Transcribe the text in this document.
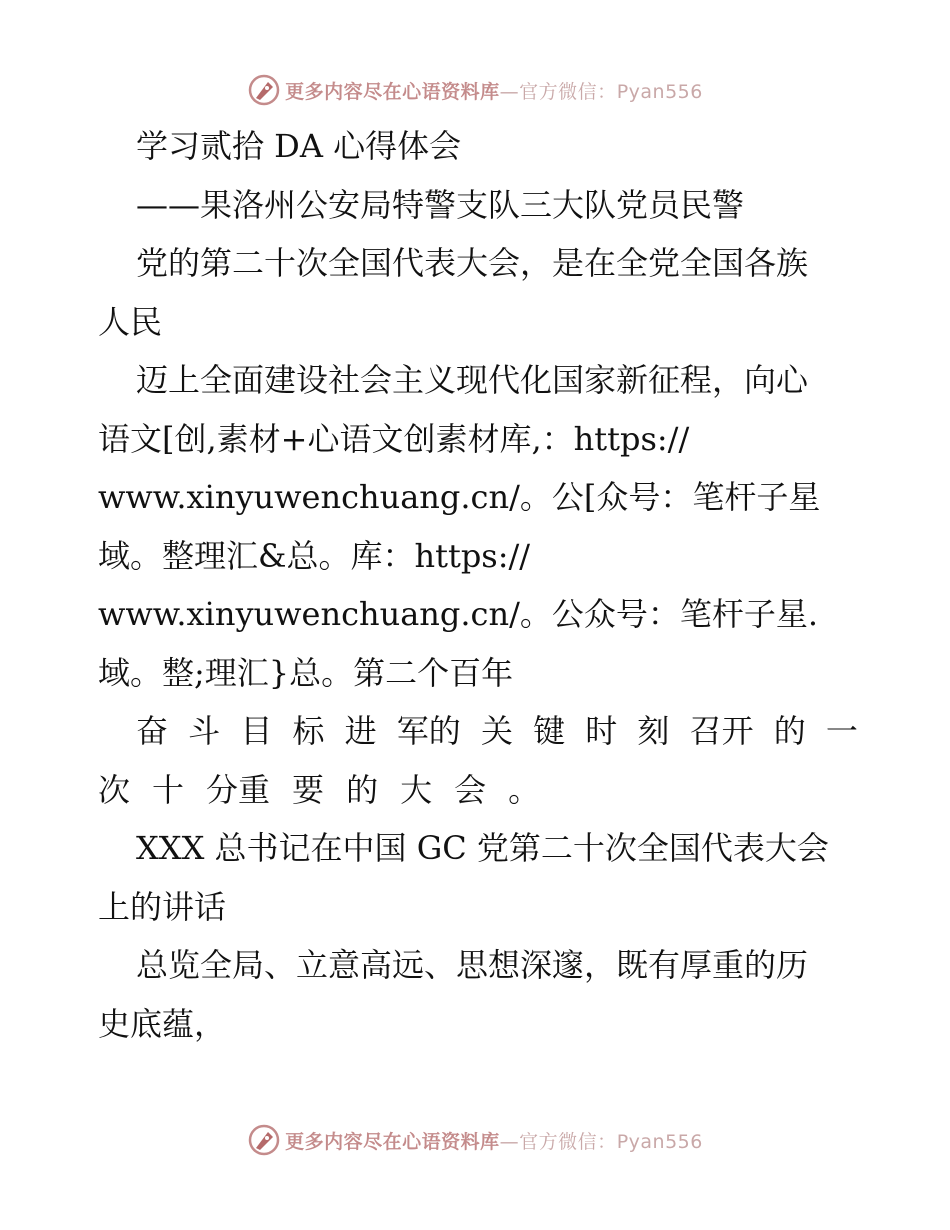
更多内容尽在心语资料库—官方微信：Pyan556
学习贰拾 DA 心得体会
——果洛州公安局特警支队三大队党员民警
党的第二十次全国代表大会，是在全党全国各族
人民
迈上全面建设社会主义现代化国家新征程，向心
语文[创,素材+心语文创素材库,：https://
www.xinyuwenchuang.cn/。公[众号：笔杆子星
域。整理汇&总。库：https://
www.xinyuwenchuang.cn/。公众号：笔杆子星.
域。整;理汇}总。第二个百年
奋 斗 目 标 进 军的 关 键 时 刻 召开 的 一
次 十 分重 要 的 大 会 。
XXX 总书记在中国 GC 党第二十次全国代表大会
上的讲话
总览全局、立意高远、思想深邃，既有厚重的历
史底蕴，
更多内容尽在心语资料库—官方微信：Pyan556
